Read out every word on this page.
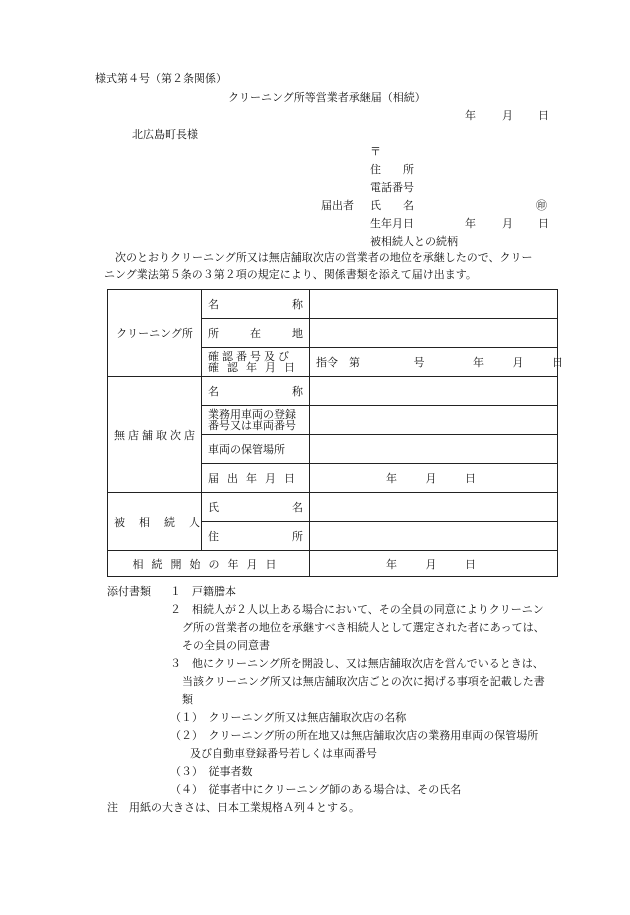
様式第４号（第２条関係）
クリーニング所等営業者承継届（相続）
年 月 日
北広島町長様
〒
住　　所
電話番号
届出者 氏　　名	㊞
生年月日	年 月 日
被相続人との続柄
　次のとおりクリーニング所又は無店舗取次店の営業者の地位を承継したので、クリー
ニング業法第５条の３第２項の規定により、関係書類を添えて届け出ます。
クリーニング所	名 称	

	所 在 地	

	確認番号及び
確認年月日	指令　第 号 年 月 日
無店舗取次店	名 称	

	業務用車両の登録
番号又は車両番号	

	車両の保管場所	
	届出年月日	年 月 日
被相続人	氏 名	

	住 所	

相続開始の年月日		年 月 日
添付書類 １　戸籍謄本
２　相続人が２人以上ある場合において、その全員の同意によりクリーニン
グ所の営業者の地位を承継すべき相続人として選定された者にあっては、
その全員の同意書
３　他にクリーニング所を開設し、又は無店舗取次店を営んでいるときは、
当該クリーニング所又は無店舗取次店ごとの次に掲げる事項を記載した書
類
（１）　クリーニング所又は無店舗取次店の名称
（２）　クリーニング所の所在地又は無店舗取次店の業務用車両の保管場所
及び自動車登録番号若しくは車両番号
（３）　従事者数
（４）　従事者中にクリーニング師のある場合は、その氏名
注　用紙の大きさは、日本工業規格Ａ列４とする。
